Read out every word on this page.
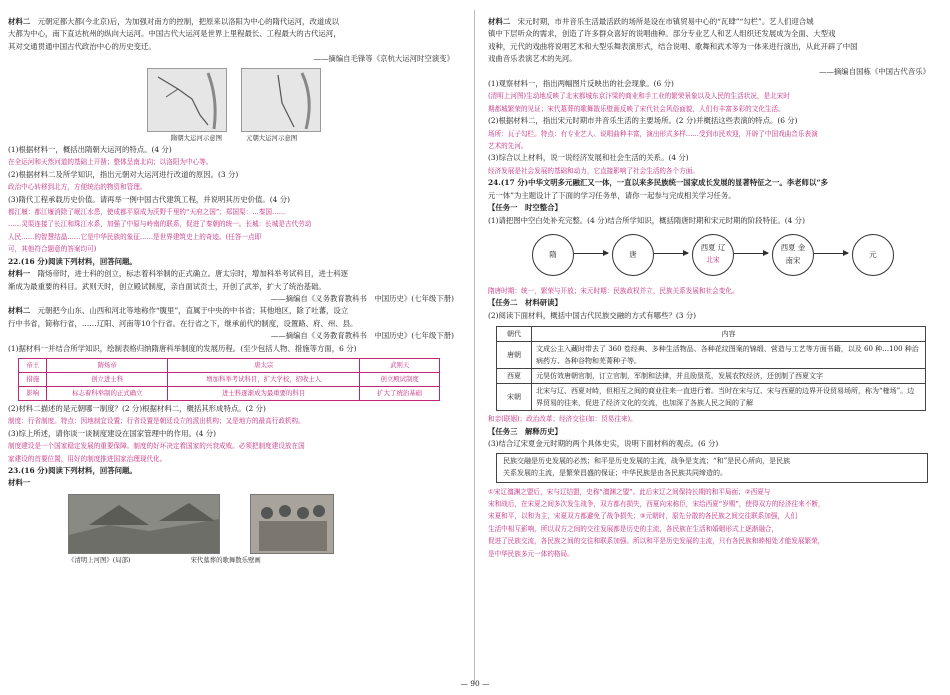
材料二　 元朝定都大都(今北京)后，为加强对南方的控制，把原来以洛阳为中心的隋代运河，改道成以

大都为中心，南下直达杭州的纵向大运河。中国古代大运河是世界上里程最长、工程最大的古代运河，

其对交通贯通中国古代政治中心的历史变迁。

——摘编自毛锋等《京杭大运河时空演变》

隋朝大运河示意图	元朝大运河示意图

(1)根据材料一，概括出隋朝大运河的特点。(4 分)

在全运河和天然河道的基础上开凿；整体呈南北向；以洛阳为中心等。

(2)根据材料二及所学知识，指出元朝对大运河进行改道的原因。(3 分)

政治中心转移到北方，方便统治的物资和管理。

(3)隋代工程承载历史价值。请再举一例中国古代建筑工程，并说明其历史价值。(4 分)

都江堰：都江堰消除了岷江水患，使成都平原成为沃野千里的“天府之国”；郑国渠：…秦国……

……灵渠连接了长江和珠江水系，加强了中原与岭南的联系，促进了秦朝的统一。长城：长城是古代劳动

人民……的智慧结晶……它是中华民族的象征……是世界建筑史上的奇迹。(任答一点即

可，其他符合题意的答案均可)

22.(16 分)阅读下列材料，回答问题。

材料一　 隋炀帝时，进士科的创立，标志着科举制的正式确立。唐太宗时，增加科举考试科目，进士科逐

渐成为最重要的科目。武则天时，创立殿试制度，亲自面试贡士，开创了武举，扩大了统治基础。

——摘编自《义务教育教科书　中国历史》(七年级下册)

材料二　 元朝把今山东、山西和河北等地称作“腹里”，直属于中央的中书省；其他地区，除了吐蕃，设立

行中书省，简称行省，……辽阳、河南等10个行省。在行省之下，继承前代的制度，设置路、府、州、县。

——摘编自《义务教育教科书　中国历史》(七年级下册)

(1)据材料一并结合所学知识，绘制表格归纳隋唐科举制度的发展历程。(至少包括人物、措施等方面，6 分)

帝王	隋炀帝	唐太宗	武则天
措施	创立进士科	增加科举考试科目，扩大学校，招收士人	创立殿试制度
影响	标志着科举制的正式确立	进士科逐渐成为最重要的科目	扩大了统治基础

(2)材料二描述的是元朝哪一制度？(2 分)根据材料二，概括其形成特点。(2 分)

制度：行省制度。特点：因地制宜设置；行省设置是朝廷设立的派出机构；又是地方的最高行政机构。

(3)综上所述，请你谈一谈制度建设在国家管理中的作用。(4 分)

制度建设是一个国家稳定发展的重要保障。制度的好坏决定着国家的兴衰成败。必须把制度建设放在国

家建设的首要位置，用好的制度推进国家治理现代化。

23.(16 分)阅读下列材料，回答问题。

材料一

《清明上河图》(局部)	宋代墓葬的歌舞散乐壁画

材料二　 宋元时期，市井音乐生活最活跃的场所是设在市镇贸易中心的“瓦肆”“勾栏”。艺人们迎合城

镇中下层听众的需求，创造了许多群众喜好的说唱曲种。部分专业艺人和艺人组织还发展成为全面、大型戏

戏种，元代的戏曲将说唱艺术和大型乐舞表演形式，结合说唱、歌舞和武术等为一体来进行演出，从此开辟了中国

戏曲音乐表演艺术的先河。

——摘编自国栋《中国古代音乐》

(1)观察材料一，指出两幅图片反映出的社会现象。(6 分)

(清明上河图)生动地反映了北宋都城东京汴梁的商业和手工业的繁荣景象以及人民的生活状况，是北宋时

期都城繁荣的见证；宋代墓葬的歌舞散乐壁画反映了宋代社会风俗面貌，人们有丰富多彩的文化生活。

(2)根据材料二，指出宋元时期市井音乐生活的主要场所。(2 分)并概括这些表演的特点。(6 分)

场所：瓦子勾栏。特点：有专业艺人、说唱曲种丰富，演出形式多样……受到市民欢迎，开辟了中国戏曲音乐表演

艺术的先河。

(3)综合以上材料，说一说经济发展和社会生活的关系。(4 分)

经济发展是社会发展的基础和动力，它直接影响了社会生活的各个方面。

24.(17 分)中华文明多元融汇又一体，一直以来多民族统一国家成长发展的显著特征之一。李老师以“多

元一体”为主题设计了下面的学习任务单，请你一起参与完成相关学习任务。

【任务一　时空整合】

(1)请把图中空白处补充完整。(4 分)结合所学知识，概括隋唐时期和宋元时期的阶段特征。(4 分)

隋	唐
西夏 辽
北宋
西夏 金
南宋
元

隋唐时期：统一，繁荣与开放；宋元时期：民族政权并立，民族关系发展和社会变化。

【任务二　材料研读】

(2)阅读下面材料，概括中国古代民族交融的方式有哪些？(3 分)

朝代	内容
唐朝	文成公主入藏时带去了 360 卷经典、多种生活物品、各种花纹图案的锦缎、营造与工艺等方面书籍，以及 60 种…100 种治病药方、各种谷物和芜菁种子等。
西夏	元昊仿效唐朝官制，订立官制，军制和法律，并且励垦荒，发展农牧经济，还创制了西夏文字
宋朝	北宋与辽、西夏对峙，但相互之间的商业往来一直进行着。当时在宋与辽、宋与西夏的边界开设贸易场所，称为“榷场”。边界贸易的往来，促进了经济文化的交流，也加深了各族人民之间的了解

和亲(联姻)；政治改革；经济交往(如：贸易往来)。

【任务三　解释历史】

(3)结合辽宋夏金元时期的两个具体史实，说明下面材料的观点。(6 分)

民族交融是历史发展的必然；和平是历史发展的主流，战争是支流；“和”是民心所向，是民族

关系发展的主流，是繁荣昌盛的保证；中华民族是由各民族共同缔造的。

①宋辽澶渊之盟后，宋与辽结盟，史称“澶渊之盟”。此后宋辽之间保持长期的和平局面；②西夏与

宋和战后，在宋夏之间多次发生战争，双方都有损失，西夏向宋称臣，宋给西夏“岁赐”，使得双方的经济往来不断，

宋夏和平，以和为主，宋夏双方都避免了战争损失；③元朝时，原先分散的各民族之间交往联系加强，人们

生活中相互影响，所以双方之间的交往发展都是历史的主流，各民族在生活和婚姻形式上逐渐融合，

促进了民族交流，各民族之间的交往和联系加强。所以和平是历史发展的主流，只有各民族和睦相处才能发展繁荣，

是中华民族多元一体的格局。

— 90 —
